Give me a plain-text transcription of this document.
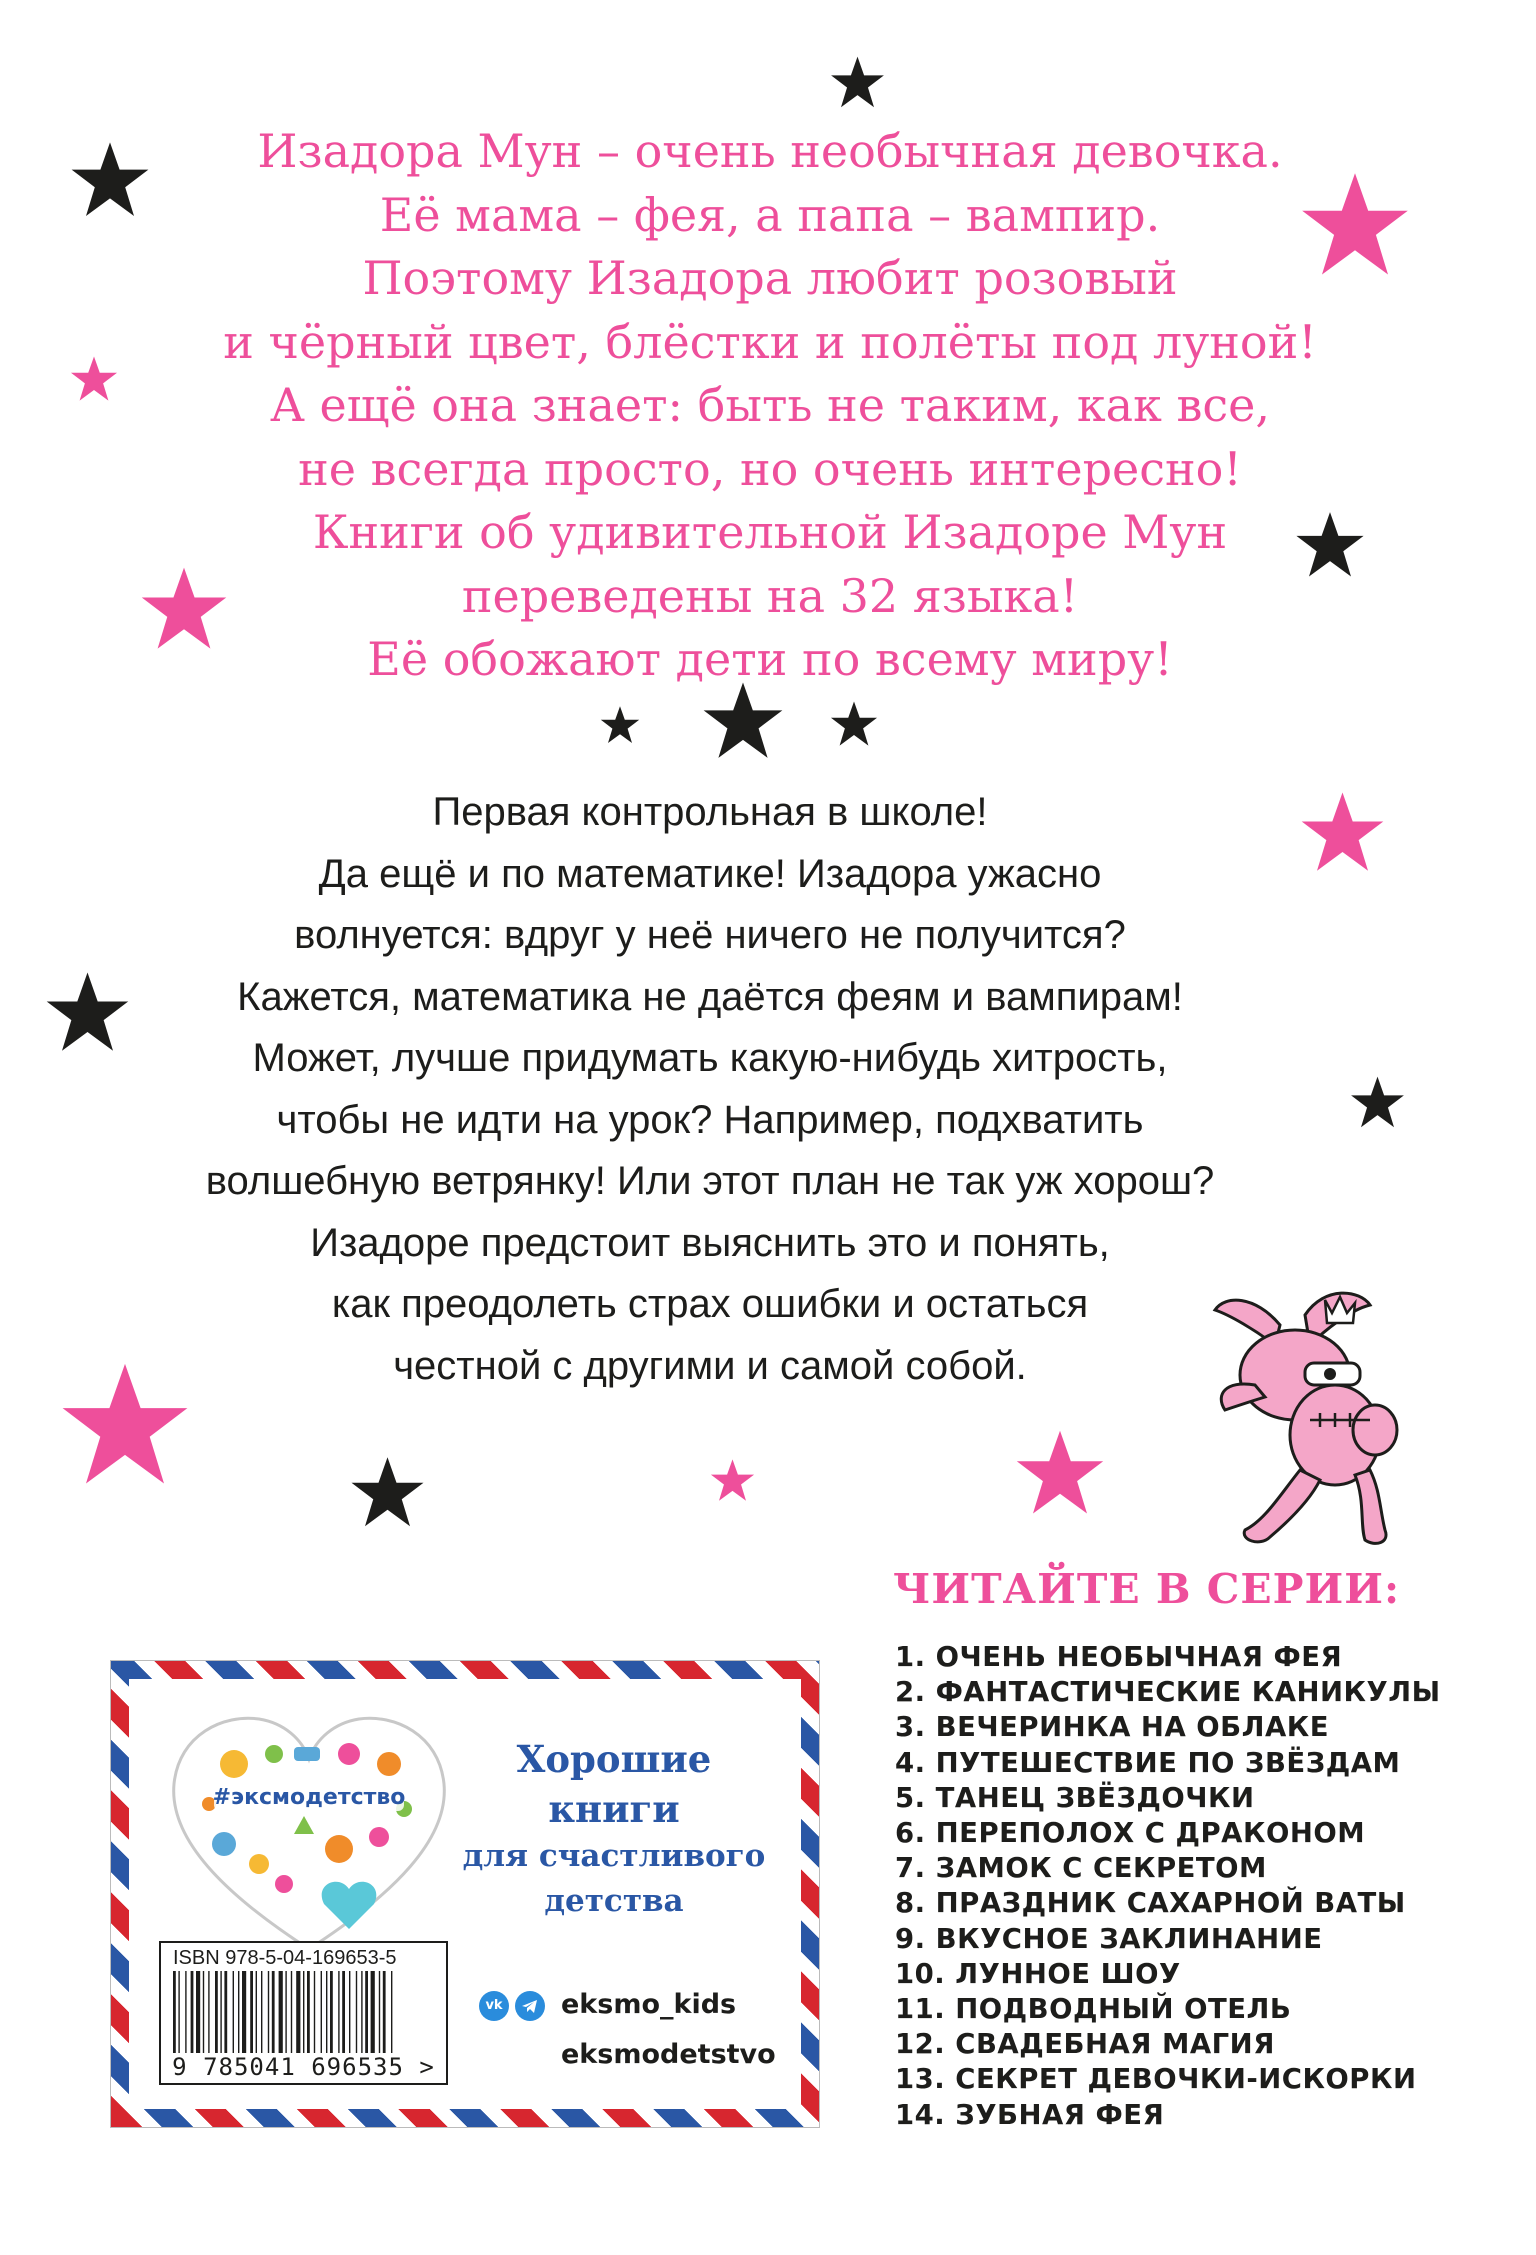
Изадора Мун – очень необычная девочка.
Её мама – фея, а папа – вампир.
Поэтому Изадора любит розовый
и чёрный цвет, блёстки и полёты под луной!
А ещё она знает: быть не таким, как все,
не всегда просто, но очень интересно!
Книги об удивительной Изадоре Мун
переведены на 32 языка!
Её обожают дети по всему миру!
Первая контрольная в школе!
Да ещё и по математике! Изадора ужасно
волнуется: вдруг у неё ничего не получится?
Кажется, математика не даётся феям и вампирам!
Может, лучше придумать какую-нибудь хитрость,
чтобы не идти на урок? Например, подхватить
волшебную ветрянку! Или этот план не так уж хорош?
Изадоре предстоит выяснить это и понять,
как преодолеть страх ошибки и остаться
честной с другими и самой собой.
ЧИТАЙТЕ В СЕРИИ:
1. ОЧЕНЬ НЕОБЫЧНАЯ ФЕЯ
2. ФАНТАСТИЧЕСКИЕ КАНИКУЛЫ
3. ВЕЧЕРИНКА НА ОБЛАКЕ
4. ПУТЕШЕСТВИЕ ПО ЗВЁЗДАМ
5. ТАНЕЦ ЗВЁЗДОЧКИ
6. ПЕРЕПОЛОХ С ДРАКОНОМ
7. ЗАМОК С СЕКРЕТОМ
8. ПРАЗДНИК САХАРНОЙ ВАТЫ
9. ВКУСНОЕ ЗАКЛИНАНИЕ
10. ЛУННОЕ ШОУ
11. ПОДВОДНЫЙ ОТЕЛЬ
12. СВАДЕБНАЯ МАГИЯ
13. СЕКРЕТ ДЕВОЧКИ-ИСКОРКИ
14. ЗУБНАЯ ФЕЯ
#эксмодетство
Хорошие
книги
для счастливого
детства
ISBN 978-5-04-169653-5
9 785041 696535 >
vk eksmo_kids
eksmodetstvo
